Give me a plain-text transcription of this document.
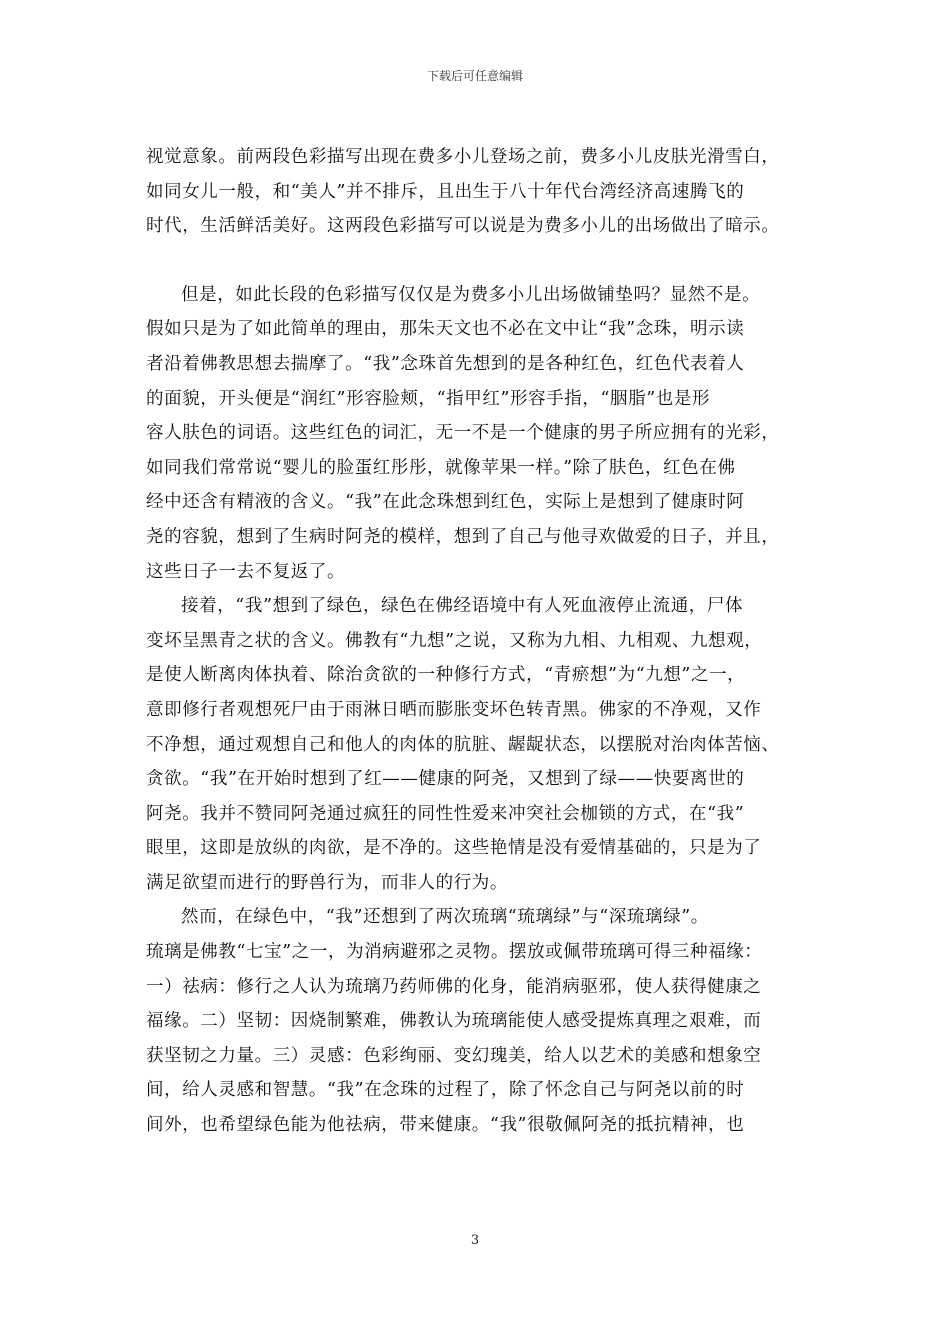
下载后可任意编辑

视觉意象。前两段色彩描写出现在费多小儿登场之前，费多小儿皮肤光滑雪白，
如同女儿一般，和“美人”并不排斥，且出生于八十年代台湾经济高速腾飞的
时代，生活鲜活美好。这两段色彩描写可以说是为费多小儿的出场做出了暗示。

但是，如此长段的色彩描写仅仅是为费多小儿出场做铺垫吗？显然不是。
假如只是为了如此简单的理由，那朱天文也不必在文中让“我”念珠，明示读
者沿着佛教思想去揣摩了。“我”念珠首先想到的是各种红色，红色代表着人
的面貌，开头便是“润红”形容脸颊，“指甲红”形容手指，“胭脂”也是形
容人肤色的词语。这些红色的词汇，无一不是一个健康的男子所应拥有的光彩，
如同我们常常说“婴儿的脸蛋红彤彤，就像苹果一样。”除了肤色，红色在佛
经中还含有精液的含义。“我”在此念珠想到红色，实际上是想到了健康时阿
尧的容貌，想到了生病时阿尧的模样，想到了自己与他寻欢做爱的日子，并且，
这些日子一去不复返了。

接着，“我”想到了绿色，绿色在佛经语境中有人死血液停止流通，尸体
变坏呈黑青之状的含义。佛教有“九想”之说，又称为九相、九相观、九想观，
是使人断离肉体执着、除治贪欲的一种修行方式，“青瘀想”为“九想”之一，
意即修行者观想死尸由于雨淋日晒而膨胀变坏色转青黑。佛家的不净观，又作
不净想，通过观想自己和他人的肉体的肮脏、龌龊状态，以摆脱对治肉体苦恼、
贪欲。“我”在开始时想到了红——健康的阿尧，又想到了绿——快要离世的
阿尧。我并不赞同阿尧通过疯狂的同性性爱来冲突社会枷锁的方式，在“我”
眼里，这即是放纵的肉欲，是不净的。这些艳情是没有爱情基础的，只是为了
满足欲望而进行的野兽行为，而非人的行为。

然而，在绿色中，“我”还想到了两次琉璃“琉璃绿”与“深琉璃绿”。
琉璃是佛教“七宝”之一，为消病避邪之灵物。摆放或佩带琉璃可得三种福缘：
一）祛病：修行之人认为琉璃乃药师佛的化身，能消病驱邪，使人获得健康之
福缘。二）坚韧：因烧制繁难，佛教认为琉璃能使人感受提炼真理之艰难，而
获坚韧之力量。三）灵感：色彩绚丽、变幻瑰美，给人以艺术的美感和想象空
间，给人灵感和智慧。“我”在念珠的过程了，除了怀念自己与阿尧以前的时
间外，也希望绿色能为他祛病，带来健康。“我”很敬佩阿尧的抵抗精神，也

3
